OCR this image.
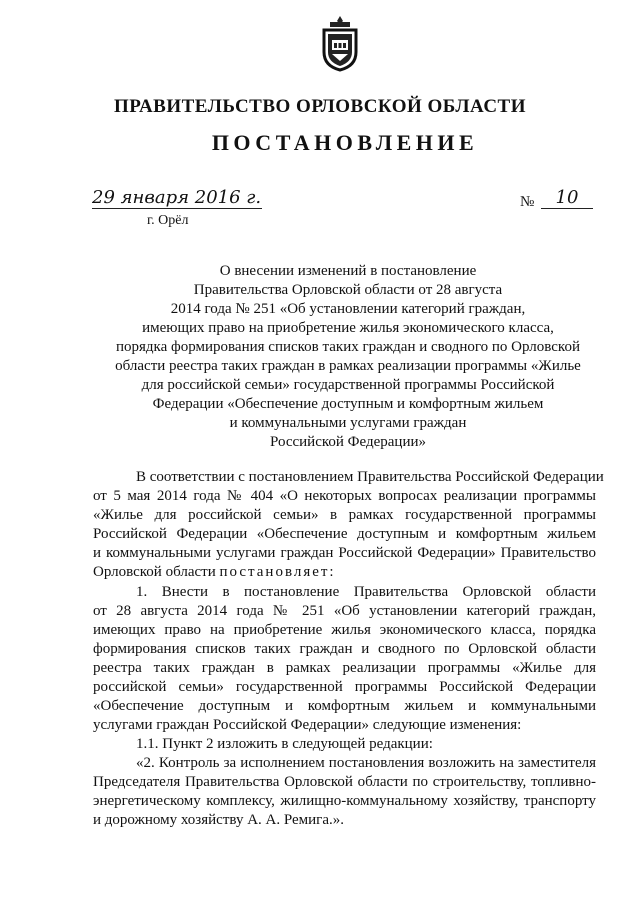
ПРАВИТЕЛЬСТВО ОРЛОВСКОЙ ОБЛАСТИ
ПОСТАНОВЛЕНИЕ
29 января 2016 г.
г. Орёл
№	10
О внесении изменений в постановление
Правительства Орловской области от 28 августа
2014 года № 251 «Об установлении категорий граждан,
имеющих право на приобретение жилья экономического класса,
порядка формирования списков таких граждан и сводного по Орловской
области реестра таких граждан в рамках реализации программы «Жилье
для российской семьи» государственной программы Российской
Федерации «Обеспечение доступным и комфортным жильем
и коммунальными услугами граждан
Российской Федерации»
В соответствии с постановлением Правительства Российской Федерации
от 5 мая 2014 года № 404 «О некоторых вопросах реализации программы
«Жилье для российской семьи» в рамках государственной программы
Российской Федерации «Обеспечение доступным и комфортным жильем
и коммунальными услугами граждан Российской Федерации» Правительство
Орловской области постановляет:
1. Внести в постановление Правительства Орловской области
от 28 августа 2014 года № 251 «Об установлении категорий граждан,
имеющих право на приобретение жилья экономического класса, порядка
формирования списков таких граждан и сводного по Орловской области
реестра таких граждан в рамках реализации программы «Жилье для
российской семьи» государственной программы Российской Федерации
«Обеспечение доступным и комфортным жильем и коммунальными
услугами граждан Российской Федерации» следующие изменения:
1.1. Пункт 2 изложить в следующей редакции:
«2. Контроль за исполнением постановления возложить на заместителя
Председателя Правительства Орловской области по строительству, топливно-
энергетическому комплексу, жилищно-коммунальному хозяйству, транспорту
и дорожному хозяйству А. А. Ремига.».
